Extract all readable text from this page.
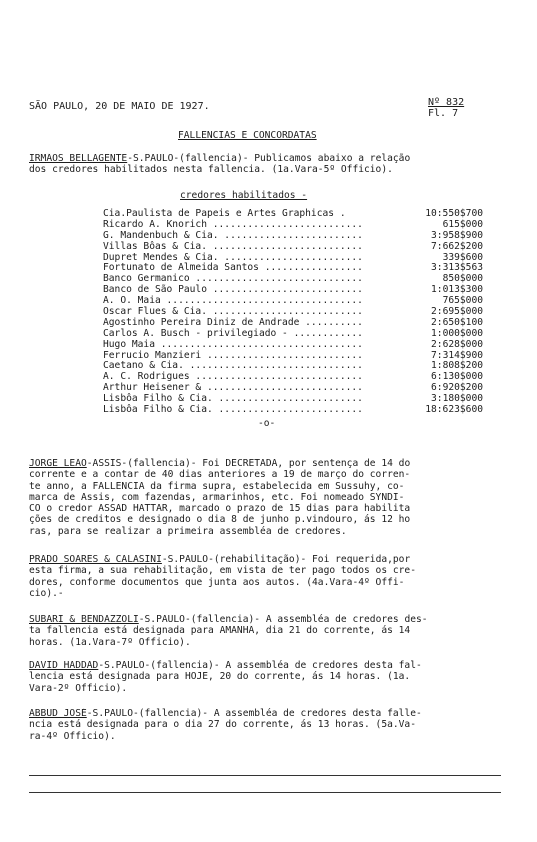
SÃO PAULO, 20 DE MAIO DE 1927.	Nº 832
Fl. 7
FALLENCIAS E CONCORDATAS
IRMÃOS BELLAGENTE-S.PAULO-(fallencia)- Publicamos abaixo a relação
dos credores habilitados nesta fallencia. (1a.Vara-5º Officio).
credores habilitados -
Cia.Paulista de Papeis e Artes Graphicas .	10:550$700
Ricardo A. Knorich ..........................	615$000
G. Mandenbuch & Cia. ........................	3:958$900
Villas Bôas & Cia. ..........................	7:662$200
Dupret Mendes & Cia. ........................	339$600
Fortunato de Almeida Santos .................	3:313$563
Banco Germanico .............................	850$000
Banco de São Paulo ..........................	1:013$300
A. O. Maia ..................................	765$000
Oscar Flues & Cia. ..........................	2:695$000
Agostinho Pereira Diniz de Andrade ..........	2:650$100
Carlos A. Busch - privilegiado - ............	1:000$000
Hugo Maia ...................................	2:628$000
Ferrucio Manzieri ...........................	7:314$900
Caetano & Cia. ..............................	1:808$200
A. C. Rodrigues .............................	6:130$000
Arthur Heisener & ...........................	6:920$200
Lisbôa Filho & Cia. .........................	3:180$000
Lisbôa Filho & Cia. .........................	18:623$600
-o-
JORGE LEÃO-ASSIS-(fallencia)- Foi DECRETADA, por sentença de 14 do
corrente e a contar de 40 dias anteriores a 19 de março do corren-
te anno, a FALLENCIA da firma supra, estabelecida em Sussuhy, co-
marca de Assis, com fazendas, armarinhos, etc. Foi nomeado SYNDI-
CO o credor ASSAD HATTAR, marcado o prazo de 15 dias para habilita
ções de creditos e designado o dia 8 de junho p.vindouro, ás 12 ho
ras, para se realizar a primeira assembléa de credores.
PRADO SOARES & CALASINI-S.PAULO-(rehabilitação)- Foi requerida,por
esta firma, a sua rehabilitação, em vista de ter pago todos os cre-
dores, conforme documentos que junta aos autos. (4a.Vara-4º Offi-
cio).-
SUBARI & BENDAZZOLI-S.PAULO-(fallencia)- A assembléa de credores des-
ta fallencia está designada para AMANHÃ, dia 21 do corrente, ás 14
horas. (1a.Vara-7º Officio).
DAVID HADDAD-S.PAULO-(fallencia)- A assembléa de credores desta fal-
lencia está designada para HOJE, 20 do corrente, ás 14 horas. (1a.
Vara-2º Officio).
ABBUD JOSÉ-S.PAULO-(fallencia)- A assembléa de credores desta falle-
ncia está designada para o dia 27 do corrente, ás 13 horas. (5a.Va-
ra-4º Officio).
